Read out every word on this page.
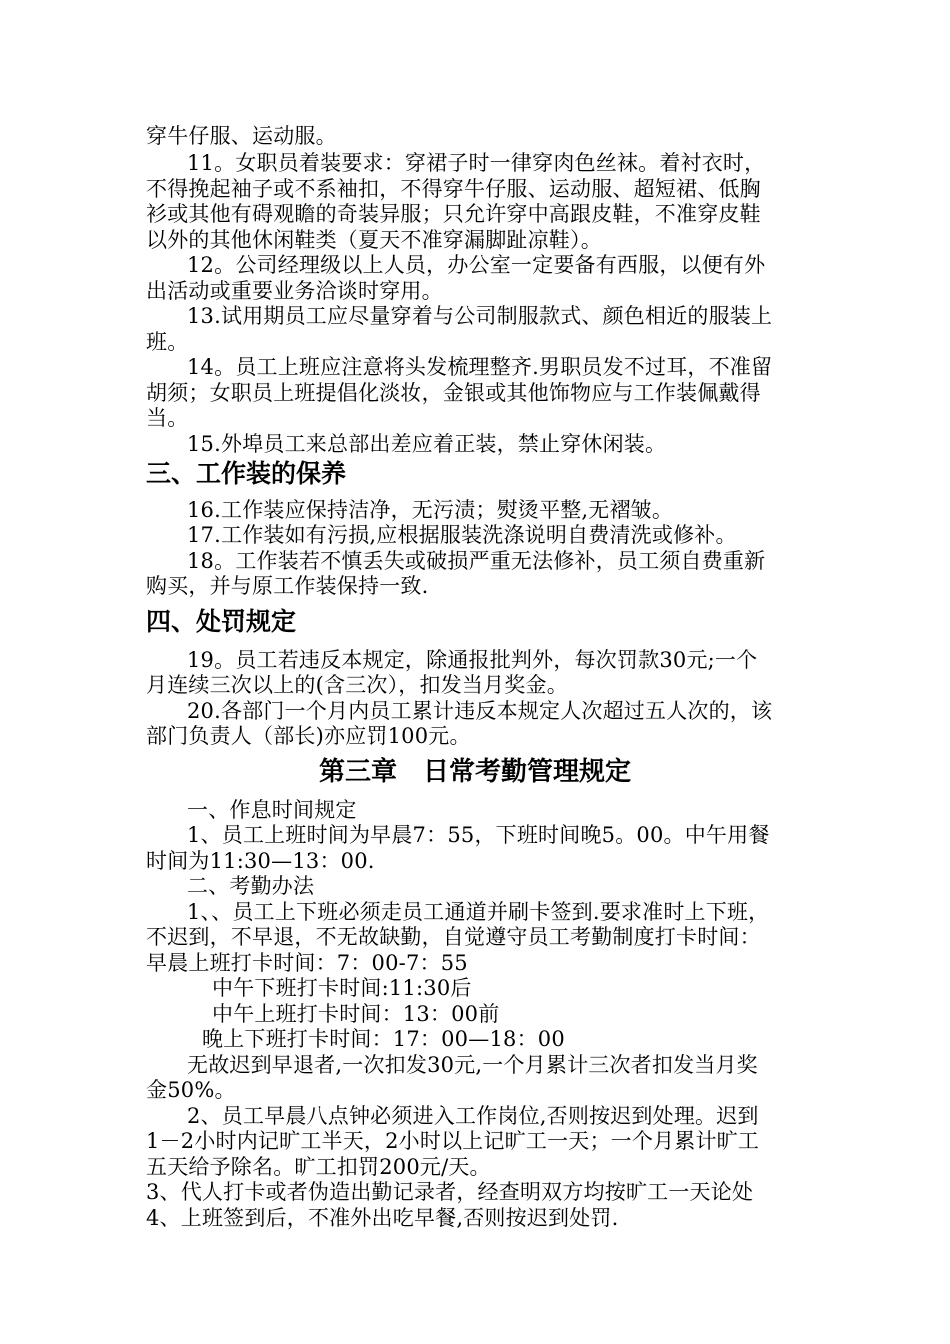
穿牛仔服、运动服。
11。女职员着装要求：穿裙子时一律穿肉色丝袜。着衬衣时，
不得挽起袖子或不系袖扣，不得穿牛仔服、运动服、超短裙、低胸
衫或其他有碍观瞻的奇装异服；只允许穿中高跟皮鞋，不准穿皮鞋
以外的其他休闲鞋类（夏天不准穿漏脚趾凉鞋）。
12。公司经理级以上人员，办公室一定要备有西服，以便有外
出活动或重要业务洽谈时穿用。
13.试用期员工应尽量穿着与公司制服款式、颜色相近的服装上
班。
14。员工上班应注意将头发梳理整齐.男职员发不过耳，不准留
胡须；女职员上班提倡化淡妆，金银或其他饰物应与工作装佩戴得
当。
15.外埠员工来总部出差应着正装，禁止穿休闲装。
三、工作装的保养
16.工作装应保持洁净，无污渍；熨烫平整,无褶皱。
17.工作装如有污损,应根据服装洗涤说明自费清洗或修补。
18。工作装若不慎丢失或破损严重无法修补，员工须自费重新
购买，并与原工作装保持一致.
四、处罚规定
19。员工若违反本规定，除通报批判外，每次罚款30元;一个
月连续三次以上的(含三次），扣发当月奖金。
20.各部门一个月内员工累计违反本规定人次超过五人次的，该
部门负责人（部长)亦应罚100元。
第三章　日常考勤管理规定
一、作息时间规定
1、员工上班时间为早晨7：55，下班时间晚5。00。中午用餐
时间为11:30—13：00.
二、考勤办法
1、、员工上下班必须走员工通道并刷卡签到.要求准时上下班，
不迟到，不早退，不无故缺勤，自觉遵守员工考勤制度打卡时间：
早晨上班打卡时间：7：00-7：55
中午下班打卡时间:11:30后
中午上班打卡时间：13：00前
晚上下班打卡时间：17：00—18：00
无故迟到早退者,一次扣发30元,一个月累计三次者扣发当月奖
金50%。
2、员工早晨八点钟必须进入工作岗位,否则按迟到处理。迟到
1－2小时内记旷工半天，2小时以上记旷工一天；一个月累计旷工
五天给予除名。旷工扣罚200元/天。
3、代人打卡或者伪造出勤记录者，经查明双方均按旷工一天论处
4、上班签到后，不准外出吃早餐,否则按迟到处罚.
